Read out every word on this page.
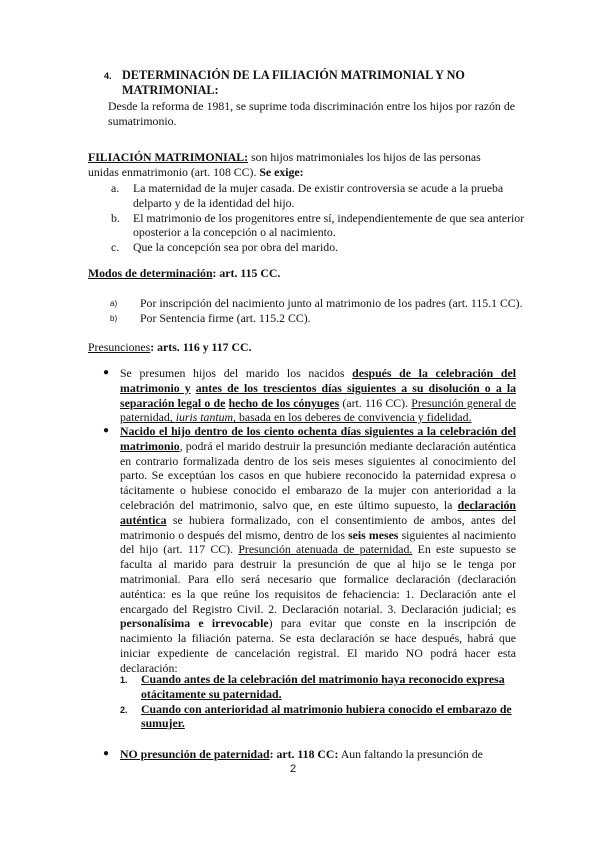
4. DETERMINACIÓN DE LA FILIACIÓN MATRIMONIAL Y NO MATRIMONIAL:

Desde la reforma de 1981, se suprime toda discriminación entre los hijos por razón de sumatrimonio.

FILIACIÓN MATRIMONIAL: son hijos matrimoniales los hijos de las personas unidas enmatrimonio (art. 108 CC). Se exige:

a. La maternidad de la mujer casada. De existir controversia se acude a la prueba delparto y de la identidad del hijo.
b. El matrimonio de los progenitores entre sí, independientemente de que sea anterior oposterior a la concepción o al nacimiento.
c. Que la concepción sea por obra del marido.

Modos de determinación: art. 115 CC.

a) Por inscripción del nacimiento junto al matrimonio de los padres (art. 115.1 CC).
b) Por Sentencia firme (art. 115.2 CC).

Presunciones: arts. 116 y 117 CC.

● Se presumen hijos del marido los nacidos después de la celebración del matrimonio y antes de los trescientos días siguientes a su disolución o a la separación legal o de hecho de los cónyuges (art. 116 CC). Presunción general de paternidad, iuris tantum, basada en los deberes de convivencia y fidelidad.
● Nacido el hijo dentro de los ciento ochenta días siguientes a la celebración del matrimonio, podrá el marido destruir la presunción mediante declaración auténtica en contrario formalizada dentro de los seis meses siguientes al conocimiento del parto. Se exceptúan los casos en que hubiere reconocido la paternidad expresa o tácitamente o hubiese conocido el embarazo de la mujer con anterioridad a la celebración del matrimonio, salvo que, en este último supuesto, la declaración auténtica se hubiera formalizado, con el consentimiento de ambos, antes del matrimonio o después del mismo, dentro de los seis meses siguientes al nacimiento del hijo (art. 117 CC). Presunción atenuada de paternidad. En este supuesto se faculta al marido para destruir la presunción de que al hijo se le tenga por matrimonial. Para ello será necesario que formalice declaración (declaración auténtica: es la que reúne los requisitos de fehaciencia: 1. Declaración ante el encargado del Registro Civil. 2. Declaración notarial. 3. Declaración judicial; es personalísima e irrevocable) para evitar que conste en la inscripción de nacimiento la filiación paterna. Se esta declaración se hace después, habrá que iniciar expediente de cancelación registral. El marido NO podrá hacer esta declaración:
1. Cuando antes de la celebración del matrimonio haya reconocido expresa otácitamente su paternidad.
2. Cuando con anterioridad al matrimonio hubiera conocido el embarazo de sumujer.
● NO presunción de paternidad: art. 118 CC: Aun faltando la presunción de
2
